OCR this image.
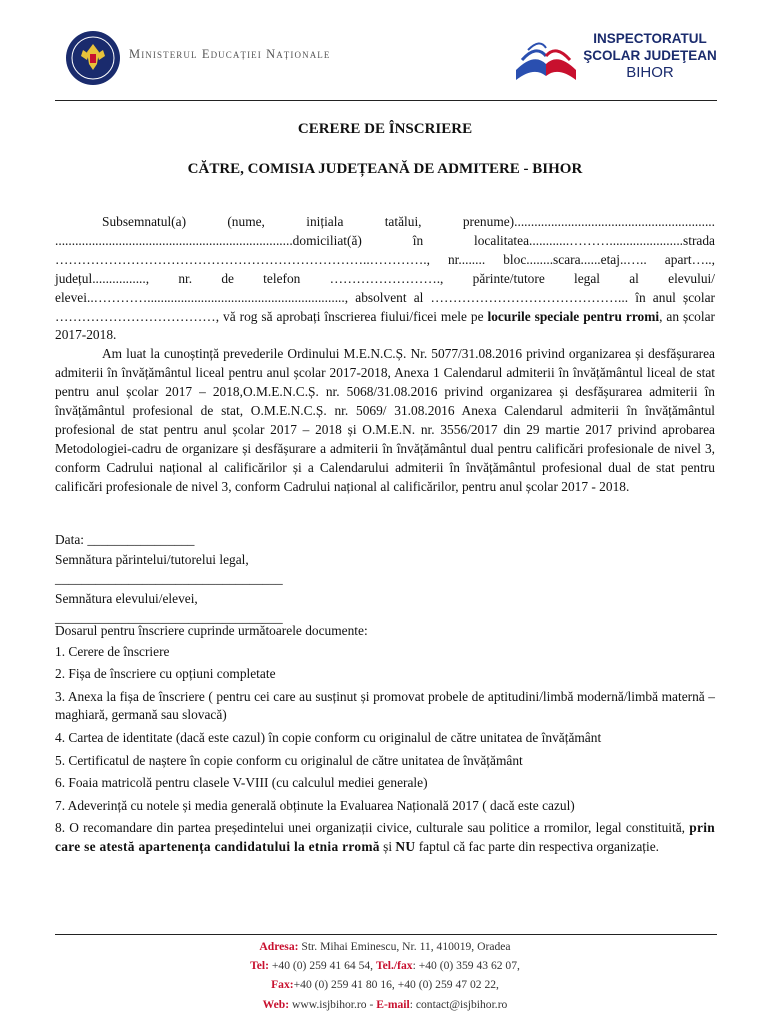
Ministerul Educației Naționale
INSPECTORATUL
ŞCOLAR JUDEŢEAN
BIHOR
CERERE DE ÎNSCRIERE
CĂTRE, COMISIA JUDEȚEANĂ DE ADMITERE - BIHOR

Subsemnatul(a) (nume, inițiala tatălui, prenume)............................................................ .......................................................................domiciliat(ă) în localitatea............………......................strada ……………………………………………………………..…………., nr........ bloc........scara......etaj..….. apart….., județul................, nr. de telefon ……………………., părinte/tutore legal al elevului/ elevei..…………..........................................................., absolvent al ……………………………………... în anul școlar ………………………………, vă rog să aprobați înscrierea fiului/ficei mele pe locurile speciale pentru rromi, an școlar 2017-2018.

Am luat la cunoștință prevederile Ordinului M.E.N.C.Ș. Nr. 5077/31.08.2016 privind organizarea și desfășurarea admiterii în învățământul liceal pentru anul școlar 2017-2018, Anexa 1 Calendarul admiterii în învățământul liceal de stat pentru anul școlar 2017 – 2018,O.M.E.N.C.Ș. nr. 5068/31.08.2016 privind organizarea și desfășurarea admiterii în învățământul profesional de stat, O.M.E.N.C.Ș. nr. 5069/ 31.08.2016 Anexa Calendarul admiterii în învățământul profesional de stat pentru anul școlar 2017 – 2018 și O.M.E.N. nr. 3556/2017 din 29 martie 2017 privind aprobarea Metodologiei-cadru de organizare și desfășurare a admiterii în învățământul dual pentru calificări profesionale de nivel 3, conform Cadrului național al calificărilor și a Calendarului admiterii în învățământul profesional dual de stat pentru calificări profesionale de nivel 3, conform Cadrului național al calificărilor, pentru anul școlar 2017 - 2018.

Data: ________________
Semnătura părintelui/tutorelui legal,
__________________________________
Semnătura elevului/elevei,
__________________________________
Dosarul pentru înscriere cuprinde următoarele documente:
1. Cerere de înscriere
2. Fișa de înscriere cu opțiuni completate
3. Anexa la fișa de înscriere ( pentru cei care au susținut și promovat probele de aptitudini/limbă modernă/limbă maternă – maghiară, germană sau slovacă)
4. Cartea de identitate (dacă este cazul) în copie conform cu originalul de către unitatea de învățământ
5. Certificatul de naștere în copie conform cu originalul de către unitatea de învățământ
6. Foaia matricolă pentru clasele V-VIII (cu calculul mediei generale)
7. Adeverință cu notele și media generală obținute la Evaluarea Națională 2017 ( dacă este cazul)
8. O recomandare din partea președintelui unei organizații civice, culturale sau politice a rromilor, legal constituită, prin care se atestă apartenența candidatului la etnia rromă și NU faptul că fac parte din respectiva organizație.
Adresa: Str. Mihai Eminescu, Nr. 11, 410019, Oradea
Tel: +40 (0) 259 41 64 54, Tel./fax: +40 (0) 359 43 62 07,
Fax:+40 (0) 259 41 80 16, +40 (0) 259 47 02 22,
Web: www.isjbihor.ro - E-mail: contact@isjbihor.ro
